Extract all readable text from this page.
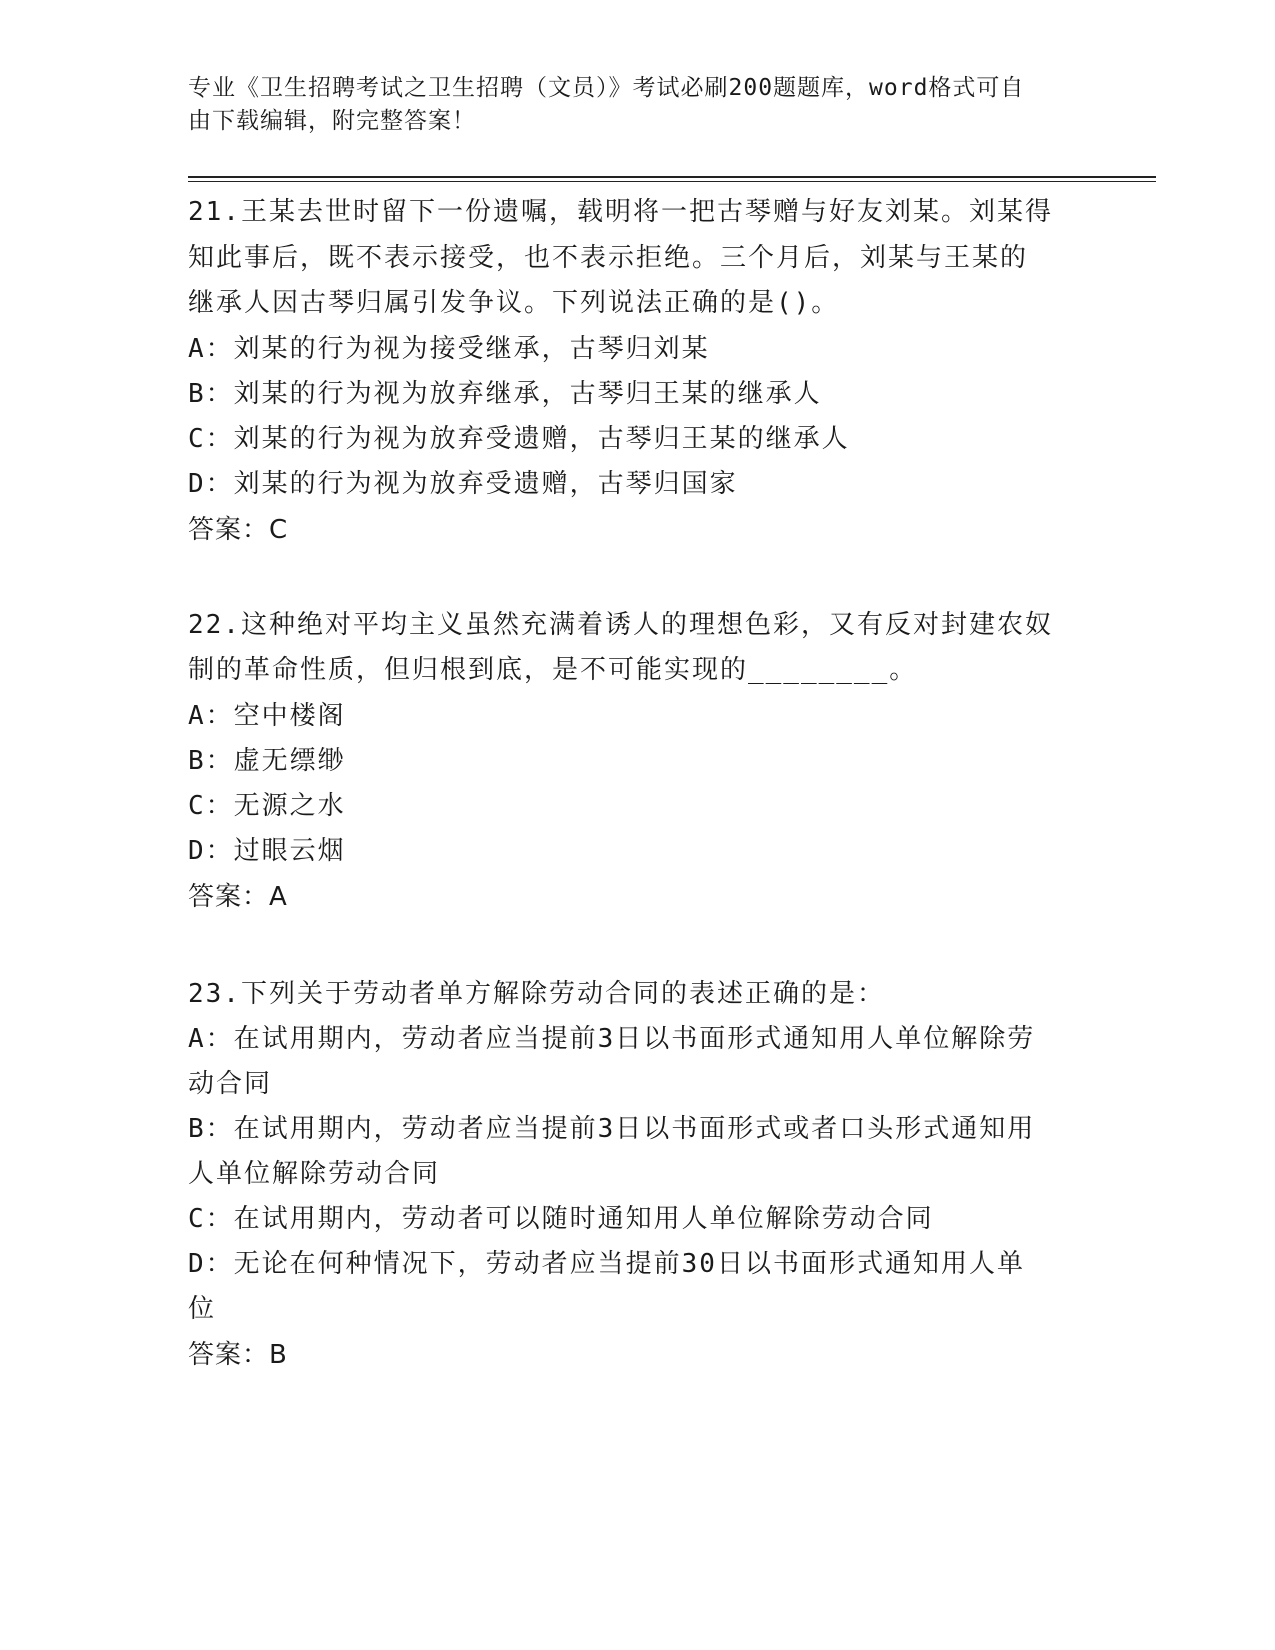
专业《卫生招聘考试之卫生招聘（文员）》考试必刷200题题库，word格式可自
由下载编辑，附完整答案！
21.王某去世时留下一份遗嘱，载明将一把古琴赠与好友刘某。刘某得
知此事后，既不表示接受，也不表示拒绝。三个月后，刘某与王某的
继承人因古琴归属引发争议。下列说法正确的是()。
A：刘某的行为视为接受继承，古琴归刘某
B：刘某的行为视为放弃继承，古琴归王某的继承人
C：刘某的行为视为放弃受遗赠，古琴归王某的继承人
D：刘某的行为视为放弃受遗赠，古琴归国家
答案：C
22.这种绝对平均主义虽然充满着诱人的理想色彩，又有反对封建农奴
制的革命性质，但归根到底，是不可能实现的________。
A：空中楼阁
B：虚无缥缈
C：无源之水
D：过眼云烟
答案：A
23.下列关于劳动者单方解除劳动合同的表述正确的是：
A：在试用期内，劳动者应当提前3日以书面形式通知用人单位解除劳
动合同
B：在试用期内，劳动者应当提前3日以书面形式或者口头形式通知用
人单位解除劳动合同
C：在试用期内，劳动者可以随时通知用人单位解除劳动合同
D：无论在何种情况下，劳动者应当提前30日以书面形式通知用人单
位
答案：B
